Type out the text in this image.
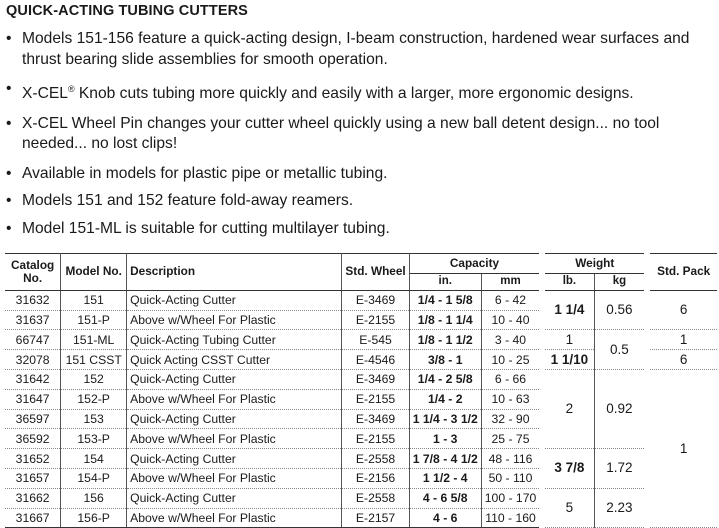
QUICK-ACTING TUBING CUTTERS
• Models 151-156 feature a quick-acting design, I-beam construction, hardened wear surfaces and thrust bearing slide assemblies for smooth operation.
• X-CEL® Knob cuts tubing more quickly and easily with a larger, more ergonomic designs.
• X-CEL Wheel Pin changes your cutter wheel quickly using a new ball detent design... no tool needed... no lost clips!
• Available in models for plastic pipe or metallic tubing.
• Models 151 and 152 feature fold-away reamers.
• Model 151-ML is suitable for cutting multilayer tubing.
Catalog No.	Model No.	Description	Std. Wheel	Capacity		Weight		Std. Pack
				in.	mm	lb.	kg	
31632	151	Quick-Acting Cutter	E-3469	1/4 - 1 5/8	6 - 42	1 1/4	0.56	6
31637	151-P	Above w/Wheel For Plastic	E-2155	1/8 - 1 1/4	10 - 40			
66747	151-ML	Quick-Acting Tubing Cutter	E-545	1/8 - 1 1/2	3 - 40	1	0.5	1
32078	151 CSST	Quick Acting CSST Cutter	E-4546	3/8 - 1	10 - 25	1 1/10		6
31642	152	Quick-Acting Cutter	E-3469	1/4 - 2 5/8	6 - 66	2	0.92	1
31647	152-P	Above w/Wheel For Plastic	E-2155	1/4 - 2	10 - 63			
36597	153	Quick-Acting Cutter	E-3469	1 1/4 - 3 1/2	32 - 90			
36592	153-P	Above w/Wheel For Plastic	E-2155	1 - 3	25 - 75			
31652	154	Quick-Acting Cutter	E-2558	1 7/8 - 4 1/2	48 - 116	3 7/8	1.72	
31657	154-P	Above w/Wheel For Plastic	E-2156	1 1/2 - 4	50 - 110			
31662	156	Quick-Acting Cutter	E-2558	4 - 6 5/8	100 - 170	5	2.23	
31667	156-P	Above w/Wheel For Plastic	E-2157	4 - 6	110 - 160			
